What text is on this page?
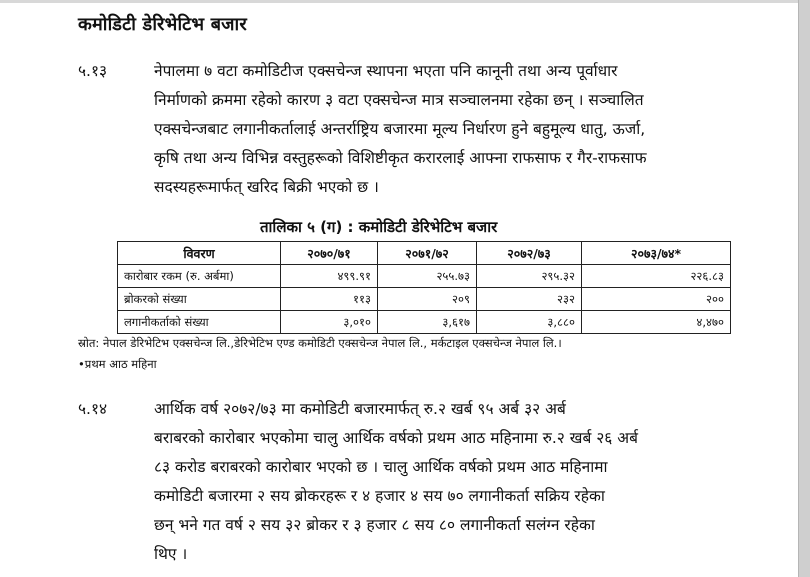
कमोडिटी डेरिभेटिभ बजार
५.१३	नेपालमा ७ वटा कमोडिटीज एक्सचेन्ज स्थापना भएता पनि कानूनी तथा अन्य पूर्वाधार
निर्माणको क्रममा रहेको कारण ३ वटा एक्सचेन्ज मात्र सञ्चालनमा रहेका छन् । सञ्चालित
एक्सचेन्जबाट लगानीकर्तालाई अन्तर्राष्ट्रिय बजारमा मूल्य निर्धारण हुने बहुमूल्य धातु, ऊर्जा,
कृषि तथा अन्य विभिन्न वस्तुहरूको विशिष्टीकृत करारलाई आफ्ना राफसाफ र गैर-राफसाफ
सदस्यहरूमार्फत् खरिद बिक्री भएको छ ।
तालिका ५ (ग) : कमोडिटी डेरिभेटिभ बजार
विवरण	२०७०/७१	२०७१/७२	२०७२/७३	२०७३/७४*
कारोबार रकम (रु. अर्बमा)	४९९.९१	२५५.७३	२९५.३२	२२६.८३
ब्रोकरको संख्या	११३	२०९	२३२	२००
लगानीकर्ताको संख्या	३,०१०	३,६१७	३,८८०	४,४७०
स्रोत: नेपाल डेरिभेटिभ एक्सचेन्ज लि.,डेरिभेटिभ एण्ड कमोडिटी एक्सचेन्ज नेपाल लि., मर्कटाइल एक्सचेन्ज नेपाल लि.।
•प्रथम आठ महिना
५.१४	आर्थिक वर्ष २०७२/७३ मा कमोडिटी बजारमार्फत् रु.२ खर्ब ९५ अर्ब ३२ अर्ब
बराबरको कारोबार भएकोमा चालु आर्थिक वर्षको प्रथम आठ महिनामा रु.२ खर्ब २६ अर्ब
८३ करोड बराबरको कारोबार भएको छ । चालु आर्थिक वर्षको प्रथम आठ महिनामा
कमोडिटी बजारमा २ सय ब्रोकरहरू र ४ हजार ४ सय ७० लगानीकर्ता सक्रिय रहेका
छन् भने गत वर्ष २ सय ३२ ब्रोकर र ३ हजार ८ सय ८० लगानीकर्ता सलंग्न रहेका
थिए ।
